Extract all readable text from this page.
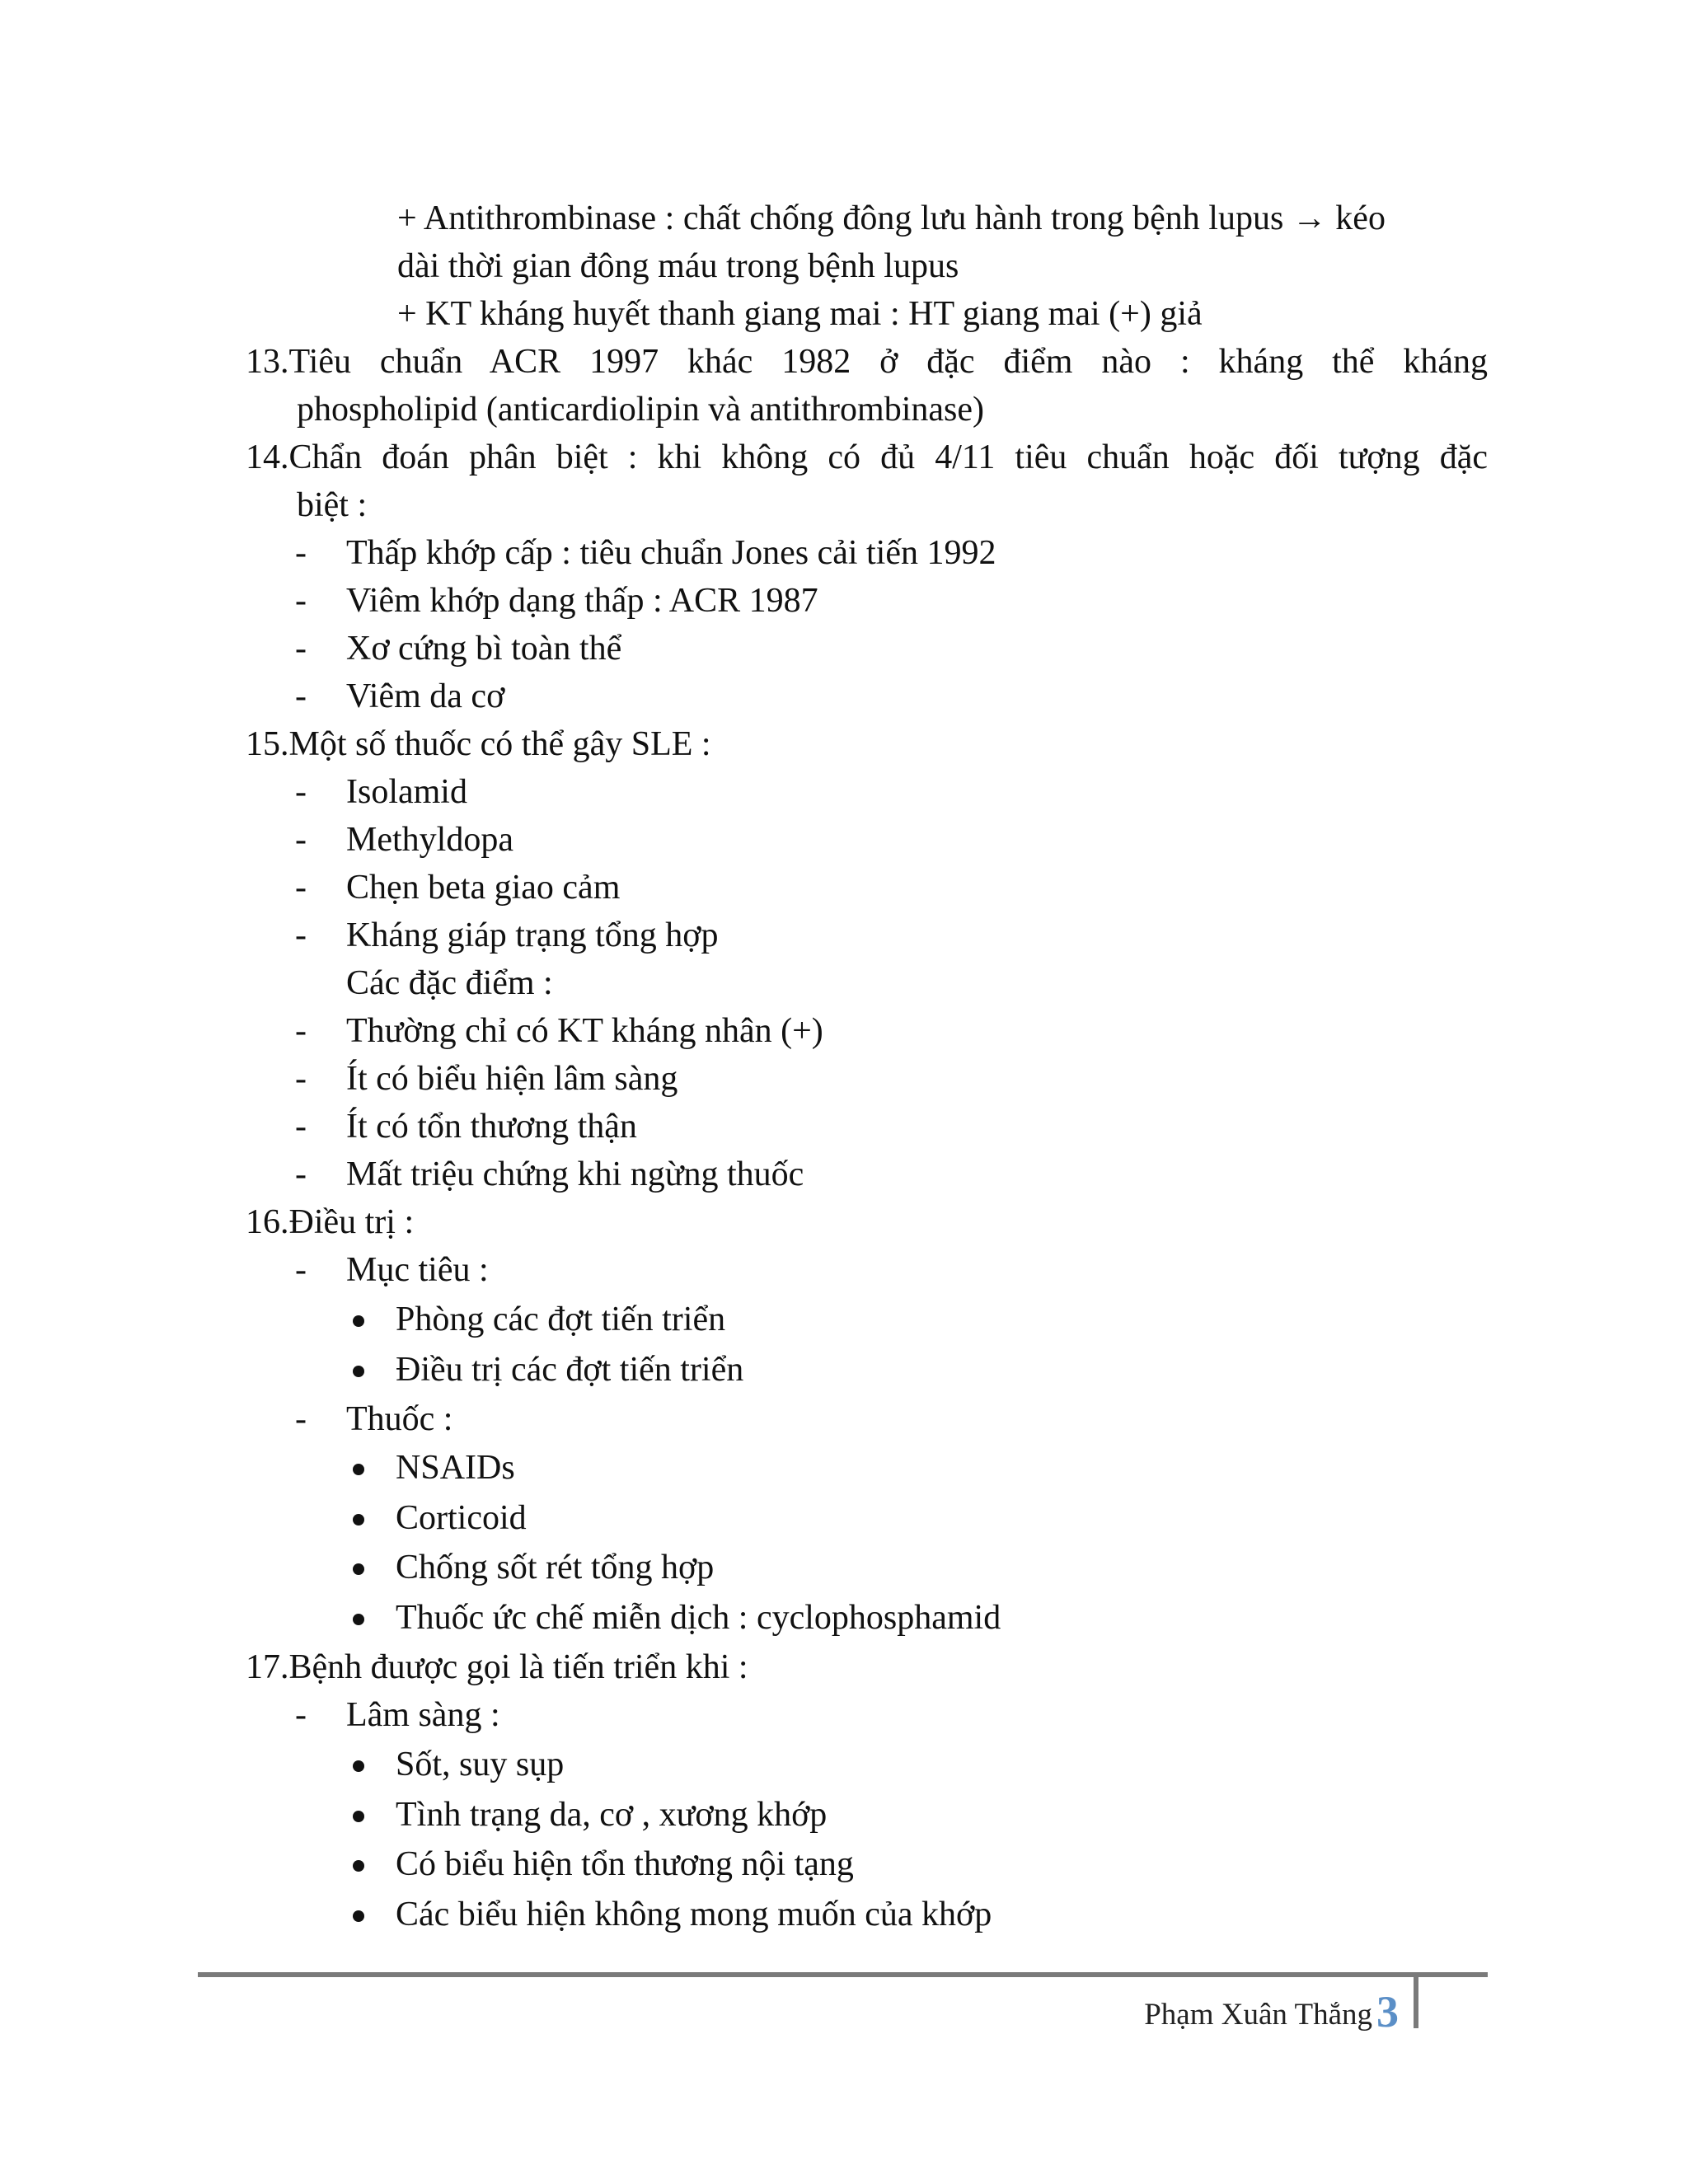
+ Antithrombinase : chất chống đông lưu hành trong bệnh lupus → kéo
dài thời gian đông máu trong bệnh lupus
+ KT kháng huyết thanh giang mai : HT giang mai (+) giả
13.Tiêu chuẩn ACR 1997 khác 1982 ở đặc điểm nào : kháng thể kháng
phospholipid (anticardiolipin và antithrombinase)
14.Chẩn đoán phân biệt : khi không có đủ 4/11 tiêu chuẩn hoặc đối tượng đặc
biệt :
Thấp khớp cấp : tiêu chuẩn Jones cải tiến 1992
-
Viêm khớp dạng thấp : ACR 1987
-
Xơ cứng bì toàn thể
-
Viêm da cơ
-
15.Một số thuốc có thể gây SLE :
Isolamid
-
Methyldopa
-
Chẹn beta giao cảm
-
Kháng giáp trạng tổng hợp
-
Các đặc điểm :
Thường chỉ có KT kháng nhân (+)
-
Ít có biểu hiện lâm sàng
-
Ít có tổn thương thận
-
Mất triệu chứng khi ngừng thuốc
-
16.Điều trị :
Mục tiêu :
-
Phòng các đợt tiến triển
Điều trị các đợt tiến triển
Thuốc :
-
NSAIDs
Corticoid
Chống sốt rét tổng hợp
Thuốc ức chế miễn dịch : cyclophosphamid
17.Bệnh đuược gọi là tiến triển khi :
Lâm sàng :
-
Sốt, suy sụp
Tình trạng da, cơ , xương khớp
Có biểu hiện tổn thương nội tạng
Các biểu hiện không mong muốn của khớp
Phạm Xuân Thắng 3
